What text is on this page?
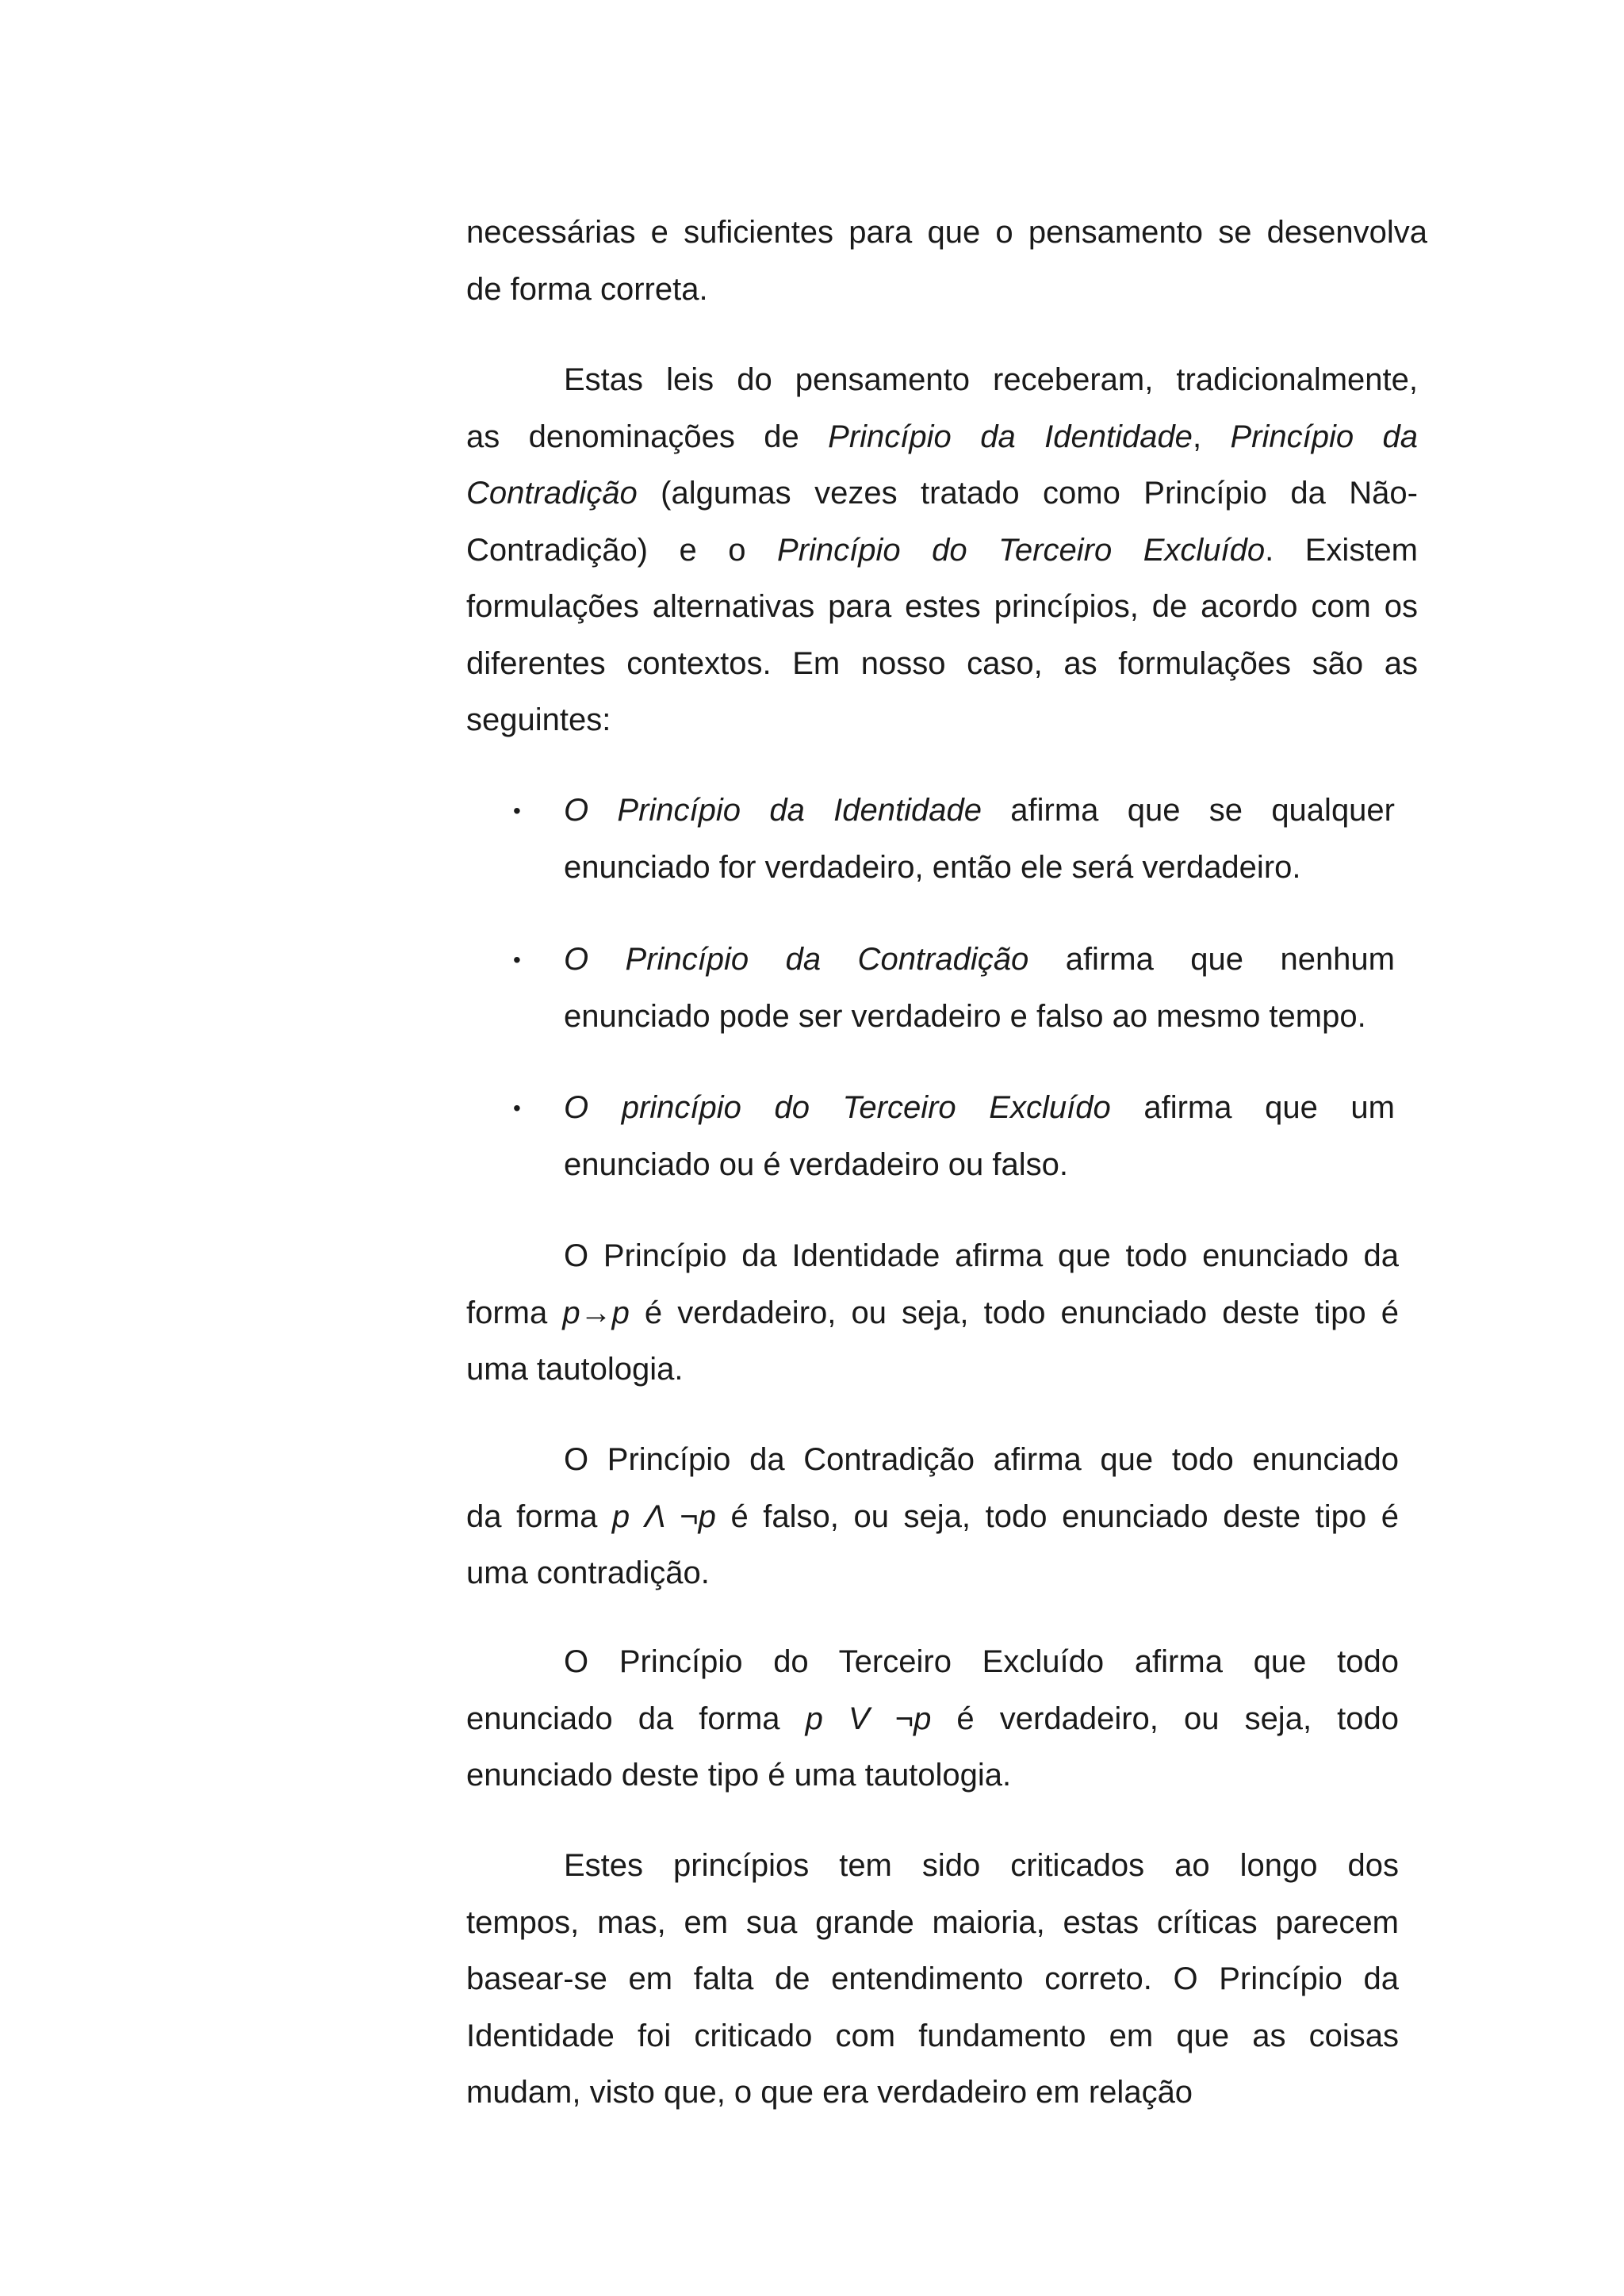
necessárias e suficientes para que o pensamento se desenvolva
de forma correta.
Estas leis do pensamento receberam, tradicionalmente,
as denominações de Princípio da Identidade, Princípio da
Contradição (algumas vezes tratado como Princípio da Não-
Contradição) e o Princípio do Terceiro Excluído. Existem
formulações alternativas para estes princípios, de acordo com os
diferentes contextos. Em nosso caso, as formulações são as
seguintes:
• O Princípio da Identidade afirma que se qualquer
enunciado for verdadeiro, então ele será verdadeiro.
• O Princípio da Contradição afirma que nenhum
enunciado pode ser verdadeiro e falso ao mesmo tempo.
• O princípio do Terceiro Excluído afirma que um
enunciado ou é verdadeiro ou falso.
O Princípio da Identidade afirma que todo enunciado da
forma p→p é verdadeiro, ou seja, todo enunciado deste tipo é
uma tautologia.
O Princípio da Contradição afirma que todo enunciado
da forma p Λ ¬p é falso, ou seja, todo enunciado deste tipo é
uma contradição.
O Princípio do Terceiro Excluído afirma que todo
enunciado da forma p V ¬p é verdadeiro, ou seja, todo
enunciado deste tipo é uma tautologia.
Estes princípios tem sido criticados ao longo dos
tempos, mas, em sua grande maioria, estas críticas parecem
basear-se em falta de entendimento correto. O Princípio da
Identidade foi criticado com fundamento em que as coisas
mudam, visto que, o que era verdadeiro em relação
